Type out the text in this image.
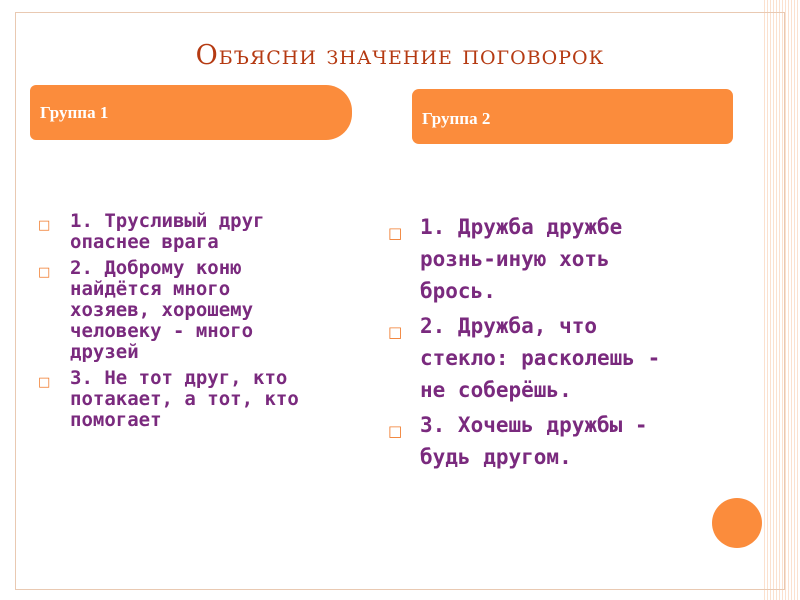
Объясни значение поговорок
Группа 1	Группа 2
□ 1. Трусливый друг
опаснее врага
□ 2. Доброму коню
найдётся много
хозяев, хорошему
человеку - много
друзей
□ 3. Не тот друг, кто
потакает, а тот, кто
помогает
□ 1. Дружба дружбе
рознь-иную хоть
брось.
□ 2. Дружба, что
стекло: расколешь -
не соберёшь.
□ 3. Хочешь дружбы -
будь другом.
